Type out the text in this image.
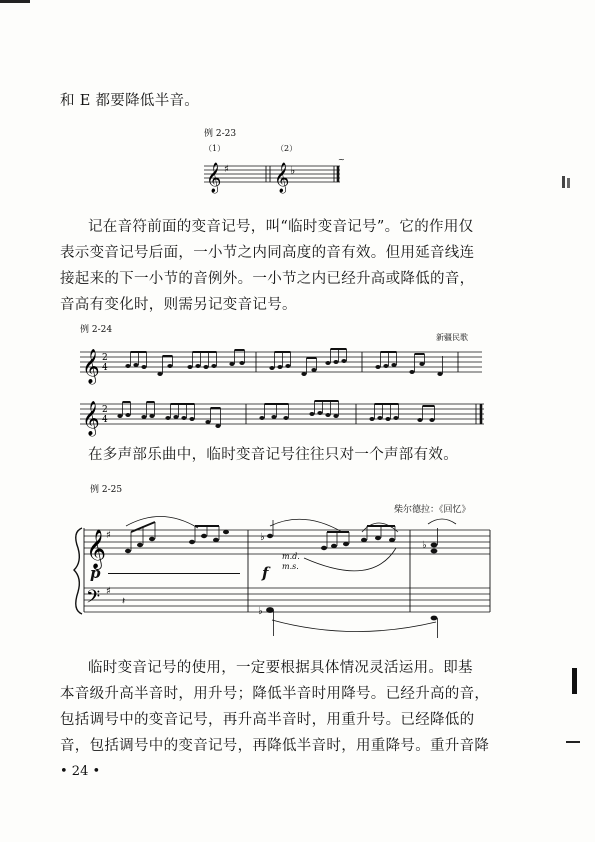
和 E 都要降低半音。
例 2-23
（1）	（2）
𝄞 ♯ 𝄞 ♭
~
记在音符前面的变音记号，叫“临时变音记号”。它的作用仅
表示变音记号后面，一小节之内同高度的音有效。但用延音线连
接起来的下一小节的音例外。一小节之内已经升高或降低的音，
音高有变化时，则需另记变音记号。
例 2-24
新疆民歌
𝄞 2
4
𝄞 2
4
在多声部乐曲中，临时变音记号往往只对一个声部有效。
例 2-25
柴尔德拉：《回忆》
𝄞 ♯	♭
♭
𝄢 ♯
𝄽
♭
p	f
m.d.
m.s.
临时变音记号的使用，一定要根据具体情况灵活运用。即基
本音级升高半音时，用升号；降低半音时用降号。已经升高的音，
包括调号中的变音记号，再升高半音时，用重升号。已经降低的
音，包括调号中的变音记号，再降低半音时，用重降号。重升音降
• 24 •
